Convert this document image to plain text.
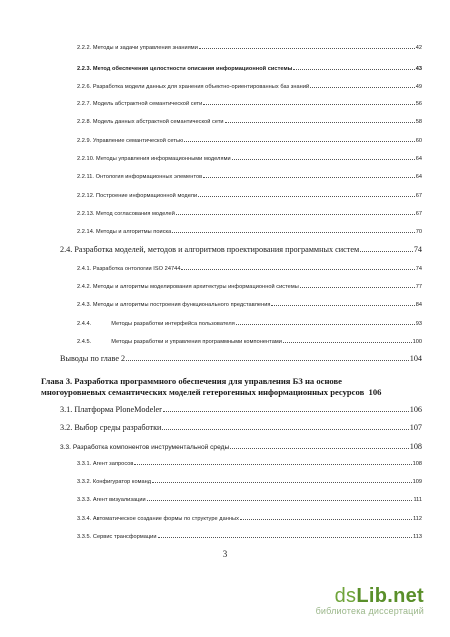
2.2.2. Методы и задачи управления знаниями	42
2.2.3. Метод обеспечения целостности описания информационной системы	43
2.2.6. Разработка модели данных для хранения объектно-ориентированных баз знаний	49
2.2.7. Модель абстрактной семантической сети	56
2.2.8. Модель данных абстрактной семантической сети	58
2.2.9. Управление семантической сетью	60
2.2.10. Методы управления информационными моделями	64
2.2.11. Онтология информационных элементов	64
2.2.12. Построение информационной модели	67
2.2.13. Метод согласования моделей	67
2.2.14. Методы и алгоритмы поиска	70
2.4. Разработка моделей, методов и алгоритмов проектирования программных систем	74
2.4.1. Разработка онтологии ISO 24744	74
2.4.2. Методы и алгоритмы моделирования архитектуры информационной системы	77
2.4.3. Методы и алгоритмы построения функционального представления	84
2.4.4.	Методы разработки интерфейса пользователя	93
2.4.5.	Методы разработки и управления программными компонентами	100
Выводы по главе 2	104
Глава 3. Разработка программного обеспечения для управления БЗ на основе
многоуровневых семантических моделей гетерогенных информационных ресурсов 106
3.1. Платформа PloneModeler	106
3.2. Выбор среды разработки	107
3.3. Разработка компонентов инструментальной среды	108
3.3.1. Агент запросов	108
3.3.2. Конфигуратор команд	109
3.3.3. Агент визуализации	111
3.3.4. Автоматическое создание формы по структуре данных	112
3.3.5. Сервис трансформации	113
3
dsLib.net
библиотека диссертаций
